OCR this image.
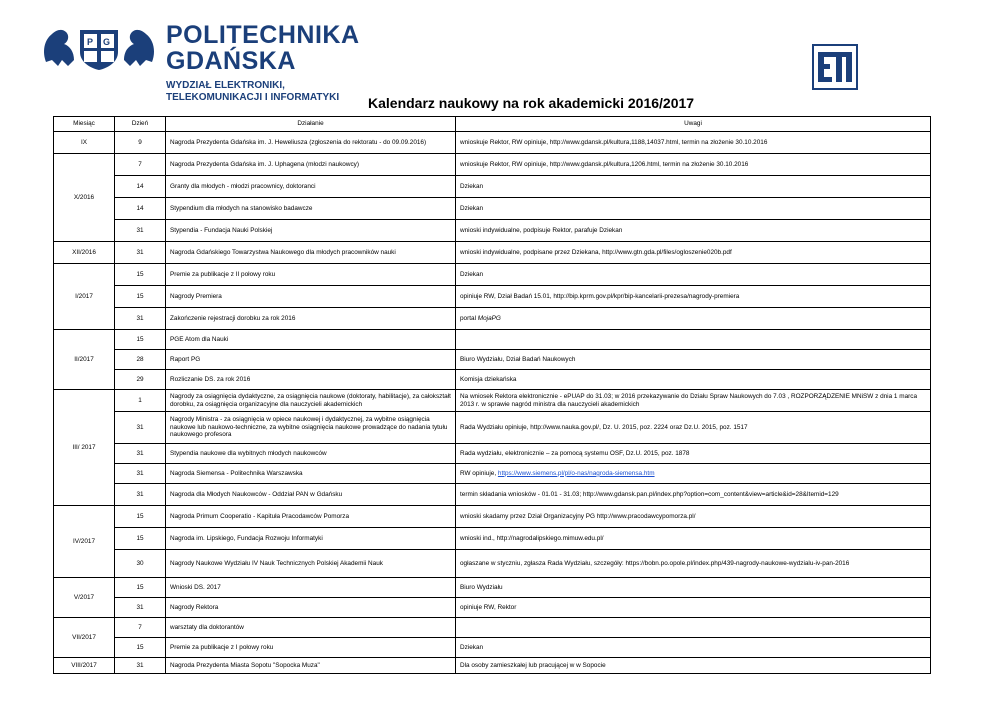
P G POLITECHNIKA
GDAŃSKA
WYDZIAŁ ELEKTRONIKI,
TELEKOMUNIKACJI I INFORMATYKI Kalendarz naukowy na rok akademicki 2016/2017
Miesiąc	Dzień	Działanie	Uwagi
IX	9	Nagroda Prezydenta Gdańska im. J. Heweliusza (zgłoszenia do rektoratu - do 09.09.2016)	wnioskuje Rektor, RW opiniuje, http://www.gdansk.pl/kultura,1188,14037.html, termin na złożenie 30.10.2016
X/2016	7	Nagroda Prezydenta Gdańska im. J. Uphagena (młodzi naukowcy)	wnioskuje Rektor, RW opiniuje, http://www.gdansk.pl/kultura,1206.html, termin na złożenie 30.10.2016
	14	Granty dla młodych - młodzi pracownicy, doktoranci	Dziekan
	14	Stypendium dla młodych na stanowisko badawcze	Dziekan
	31	Stypendia - Fundacja Nauki Polskiej	wnioski indywidualne, podpisuje Rektor, parafuje Dziekan
XII/2016	31	Nagroda Gdańskiego Towarzystwa Naukowego dla młodych pracowników nauki	wnioski indywidualne, podpisane przez Dziekana, http://www.gtn.gda.pl/files/ogloszenie020b.pdf
I/2017	15	Premie za publikacje z II połowy roku	Dziekan
	15	Nagrody Premiera	opiniuje RW, Dział Badań 15.01, http://bip.kprm.gov.pl/kpr/bip-kancelarii-prezesa/nagrody-premiera
	31	Zakończenie rejestracji dorobku za rok 2016	portal MojaPG
II/2017	15	PGE Atom dla Nauki	
	28	Raport PG	Biuro Wydziału, Dział Badań Naukowych
	29	Rozliczanie DS. za rok 2016	Komisja dziekańska
III/ 2017	1	Nagrody za osiągnięcia dydaktyczne, za osiągnięcia naukowe (doktoraty, habilitacje), za całokształt dorobku, za osiągnięcia organizacyjne dla nauczycieli akademickich	Na wniosek Rektora elektronicznie - ePUAP do 31.03; w 2016 przekazywanie do Działu Spraw Naukowych do 7.03 , ROZPORZĄDZENIE MNiSW z dnia 1 marca 2013 r. w sprawie nagród ministra dla nauczycieli akademickich
	31	Nagrody Ministra - za osiągnięcia w opiece naukowej i dydaktycznej, za wybitne osiągnięcia naukowe lub naukowo-techniczne, za wybitne osiągnięcia naukowe prowadzące do nadania tytułu naukowego profesora	Rada Wydziału opiniuje, http://www.nauka.gov.pl/, Dz. U. 2015, poz. 2224 oraz Dz.U. 2015, poz. 1517
	31	Stypendia naukowe dla wybitnych młodych naukowców	Rada wydziału, elektronicznie – za pomocą systemu OSF, Dz.U. 2015, poz. 1878
	31	Nagroda Siemensa - Politechnika Warszawska	RW opiniuje, https://www.siemens.pl/pl/o-nas/nagroda-siemensa.htm
	31	Nagroda dla Młodych Naukowców - Oddział PAN w Gdańsku	termin składania wniosków - 01.01 - 31.03; http://www.gdansk.pan.pl/index.php?option=com_content&view=article&id=28&Itemid=129
IV/2017	15	Nagroda Primum Cooperatio - Kapituła Pracodawców Pomorza	wnioski skadamy przez Dział Organizacyjny PG http://www.pracodawcypomorza.pl/
	15	Nagroda im. Lipskiego, Fundacja Rozwoju Informatyki	wnioski ind., http://nagrodalipskiego.mimuw.edu.pl/
	30	Nagrody Naukowe Wydziału IV Nauk Technicznych Polskiej Akademii Nauk	ogłaszane w styczniu, zgłasza Rada Wydziału, szczegóły: https://bobn.po.opole.pl/index.php/439-nagrody-naukowe-wydzialu-iv-pan-2016
V/2017	15	Wnioski DS. 2017	Biuro Wydziału
	31	Nagrody Rektora	opiniuje RW, Rektor
VII/2017	7	warsztaty dla doktorantów	
	15	Premie za publikacje z I połowy roku	Dziekan
VIII/2017	31	Nagroda Prezydenta Miasta Sopotu "Sopocka Muza"	Dla osoby zamieszkałej lub pracującej w w Sopocie
